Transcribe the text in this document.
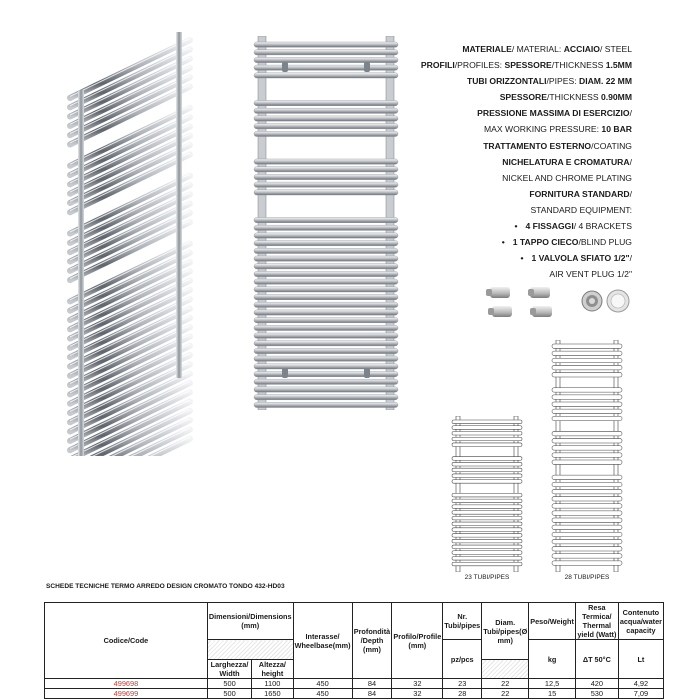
MATERIALE/ MATERIAL: ACCIAIO/ STEEL
PROFILI/PROFILES: SPESSORE/THICKNESS 1.5MM
TUBI ORIZZONTALI/PIPES: DIAM. 22 MM
SPESSORE/THICKNESS 0.90MM
PRESSIONE MASSIMA DI ESERCIZIO/
MAX WORKING PRESSURE: 10 BAR
TRATTAMENTO ESTERNO/COATING
NICHELATURA E CROMATURA/
NICKEL AND CHROME PLATING
FORNITURA STANDARD/
STANDARD EQUIPMENT:
• 4 FISSAGGI/ 4 BRACKETS
• 1 TAPPO CIECO/BLIND PLUG
• 1 VALVOLA SFIATO 1/2"/
AIR VENT PLUG 1/2"
23 TUBI/PIPES	28 TUBI/PIPES
SCHEDE TECNICHE TERMO ARREDO DESIGN CROMATO TONDO 432-HD03
Codice/Code	Dimensioni/Dimensions (mm)		Interasse/ Wheelbase(mm)	Profondità /Depth (mm)	Profilo/Profile (mm)	Nr. Tubi/pipes	Diam. Tubi/pipes(Ø mm)	Peso/Weight	Resa Termica/ Thermal yield (Watt)	Contenuto acqua/water capacity
						pz/pcs		kg	ΔT 50°C	Lt
	Larghezza/ Width	Altezza/ height								
499698	500	1100	450	84	32	23	22	12,5	420	4,92
499699	500	1650	450	84	32	28	22	15	530	7,09
